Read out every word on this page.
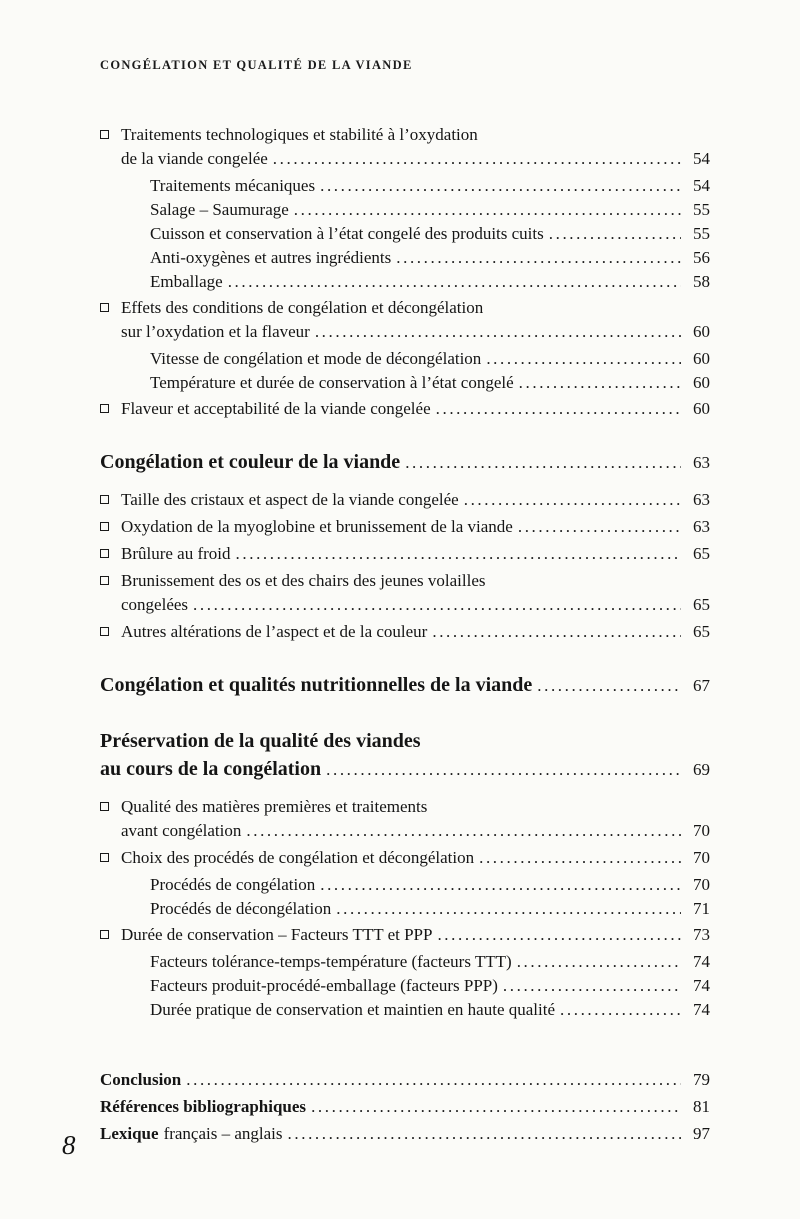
CONGÉLATION ET QUALITÉ DE LA VIANDE
Traitements technologiques et stabilité à l’oxydation
de la viande congelée .....	54
Traitements mécaniques .....	54
Salage – Saumurage .....	55
Cuisson et conservation à l’état congelé des produits cuits .....	55
Anti-oxygènes et autres ingrédients .....	56
Emballage .....	58
Effets des conditions de congélation et décongélation
sur l’oxydation et la flaveur .....	60
Vitesse de congélation et mode de décongélation .....	60
Température et durée de conservation à l’état congelé .....	60
Flaveur et acceptabilité de la viande congelée .....	60
Congélation et couleur de la viande .....	63
Taille des cristaux et aspect de la viande congelée .....	63
Oxydation de la myoglobine et brunissement de la viande .....	63
Brûlure au froid .....	65
Brunissement des os et des chairs des jeunes volailles
congelées .....	65
Autres altérations de l’aspect et de la couleur .....	65
Congélation et qualités nutritionnelles de la viande .....	67
Préservation de la qualité des viandes
au cours de la congélation .....	69
Qualité des matières premières et traitements
avant congélation .....	70
Choix des procédés de congélation et décongélation .....	70
Procédés de congélation .....	70
Procédés de décongélation .....	71
Durée de conservation – Facteurs TTT et PPP .....	73
Facteurs tolérance-temps-température (facteurs TTT) .....	74
Facteurs produit-procédé-emballage (facteurs PPP) .....	74
Durée pratique de conservation et maintien en haute qualité .....	74
Conclusion .....	79
Références bibliographiques .....	81
Lexique français – anglais .....	97
8
